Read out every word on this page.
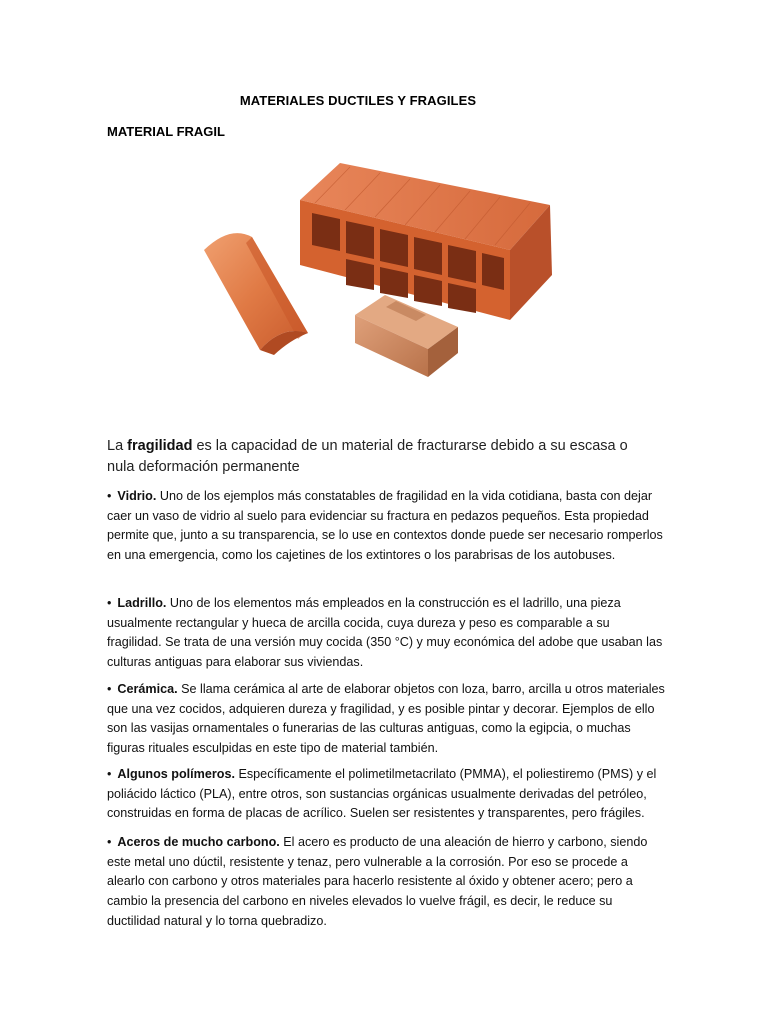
MATERIALES DUCTILES Y FRAGILES
MATERIAL FRAGIL
La fragilidad es la capacidad de un material de fracturarse debido a su escasa o nula deformación permanente
• Vidrio. Uno de los ejemplos más constatables de fragilidad en la vida cotidiana, basta con dejar caer un vaso de vidrio al suelo para evidenciar su fractura en pedazos pequeños. Esta propiedad permite que, junto a su transparencia, se lo use en contextos donde puede ser necesario romperlos en una emergencia, como los cajetines de los extintores o los parabrisas de los autobuses.
• Ladrillo. Uno de los elementos más empleados en la construcción es el ladrillo, una pieza usualmente rectangular y hueca de arcilla cocida, cuya dureza y peso es comparable a su fragilidad. Se trata de una versión muy cocida (350 °C) y muy económica del adobe que usaban las culturas antiguas para elaborar sus viviendas.
• Cerámica. Se llama cerámica al arte de elaborar objetos con loza, barro, arcilla u otros materiales que una vez cocidos, adquieren dureza y fragilidad, y es posible pintar y decorar. Ejemplos de ello son las vasijas ornamentales o funerarias de las culturas antiguas, como la egipcia, o muchas figuras rituales esculpidas en este tipo de material también.
• Algunos polímeros. Específicamente el polimetilmetacrilato (PMMA), el poliestiremo (PMS) y el poliácido láctico (PLA), entre otros, son sustancias orgánicas usualmente derivadas del petróleo, construidas en forma de placas de acrílico. Suelen ser resistentes y transparentes, pero frágiles.
• Aceros de mucho carbono. El acero es producto de una aleación de hierro y carbono, siendo este metal uno dúctil, resistente y tenaz, pero vulnerable a la corrosión. Por eso se procede a alearlo con carbono y otros materiales para hacerlo resistente al óxido y obtener acero; pero a cambio la presencia del carbono en niveles elevados lo vuelve frágil, es decir, le reduce su ductilidad natural y lo torna quebradizo.
